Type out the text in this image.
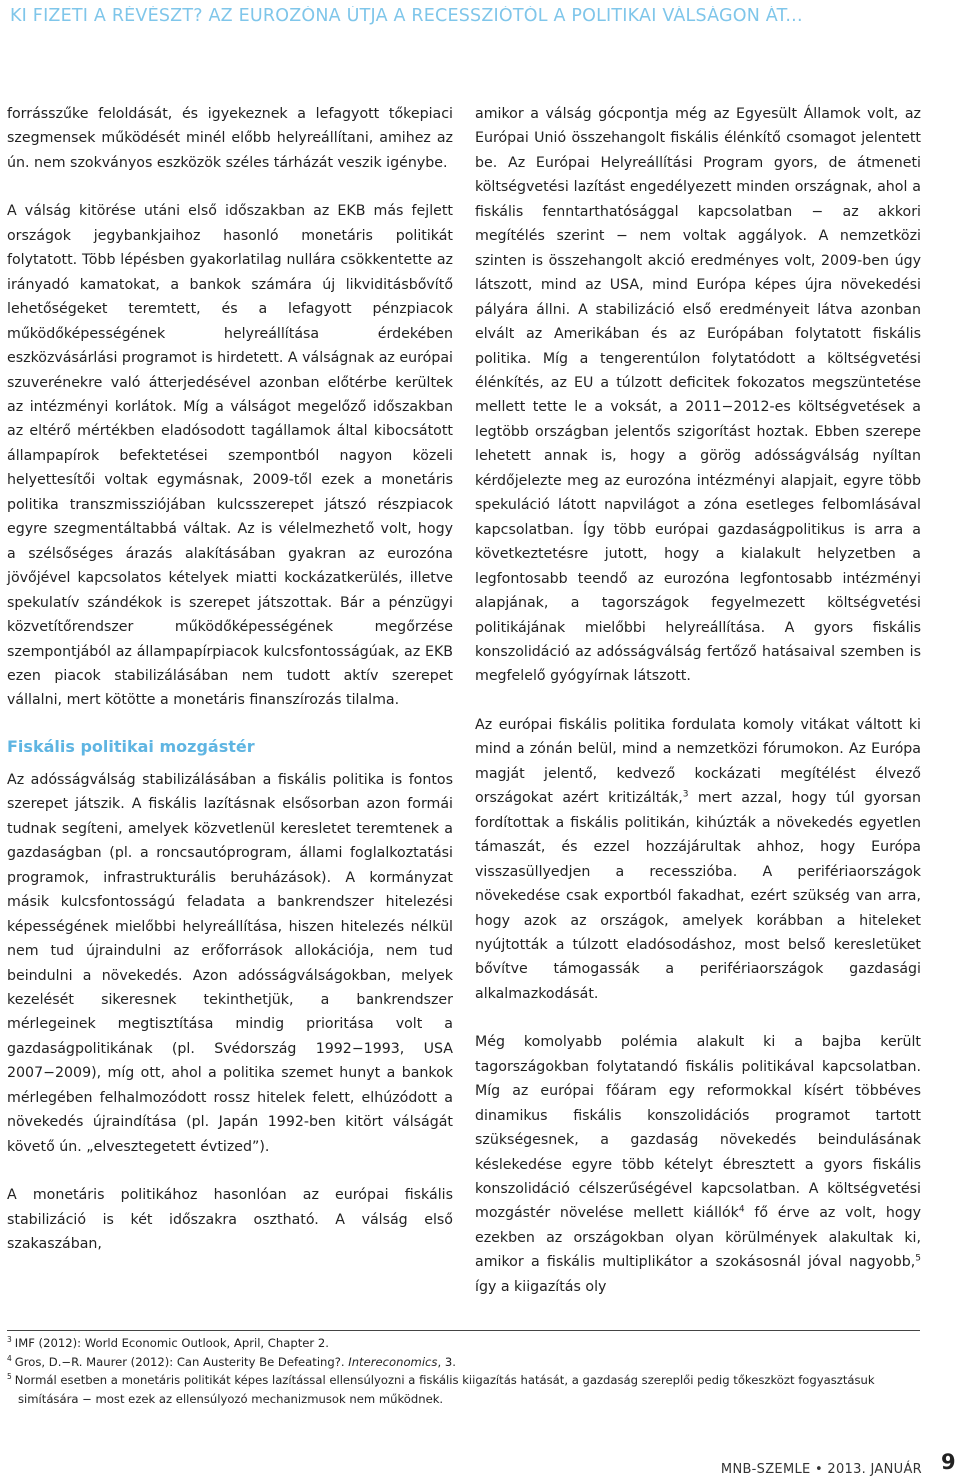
KI FIZETI A RÉVÉSZT? AZ EUROZÓNA ÚTJA A RECESSZIÓTÓL A POLITIKAI VÁLSÁGON ÁT...

forrásszűke feloldását, és igyekeznek a lefagyott tőkepiaci szegmensek működését minél előbb helyreállítani, amihez az ún. nem szokványos eszközök széles tárházát veszik igénybe.

A válság kitörése utáni első időszakban az EKB más fejlett országok jegybankjaihoz hasonló monetáris politikát folytatott. Több lépésben gyakorlatilag nullára csökkentette az irányadó kamatokat, a bankok számára új likviditásbővítő lehetőségeket teremtett, és a lefagyott pénzpiacok működőképességének helyreállítása érdekében eszközvásárlási programot is hirdetett. A válságnak az európai szuverénekre való átterjedésével azonban előtérbe kerültek az intézményi korlátok. Míg a válságot megelőző időszakban az eltérő mértékben eladósodott tagállamok által kibocsátott állampapírok befektetései szempontból nagyon közeli helyettesítői voltak egymásnak, 2009-től ezek a monetáris politika transzmissziójában kulcsszerepet játszó részpiacok egyre szegmentáltabbá váltak. Az is vélelmezhető volt, hogy a szélsőséges árazás alakításában gyakran az eurozóna jövőjével kapcsolatos kételyek miatti kockázatkerülés, illetve spekulatív szándékok is szerepet játszottak. Bár a pénzügyi közvetítőrendszer működőképességének megőrzése szempontjából az állampapírpiacok kulcsfontosságúak, az EKB ezen piacok stabilizálásában nem tudott aktív szerepet vállalni, mert kötötte a monetáris finanszírozás tilalma.

Fiskális politikai mozgástér

Az adósságválság stabilizálásában a fiskális politika is fontos szerepet játszik. A fiskális lazításnak elsősorban azon formái tudnak segíteni, amelyek közvetlenül keresletet teremtenek a gazdaságban (pl. a roncsautóprogram, állami foglalkoztatási programok, infrastrukturális beruházások). A kormányzat másik kulcsfontosságú feladata a bankrendszer hitelezési képességének mielőbbi helyreállítása, hiszen hitelezés nélkül nem tud újraindulni az erőforrások allokációja, nem tud beindulni a növekedés. Azon adósságválságokban, melyek kezelését sikeresnek tekinthetjük, a bankrendszer mérlegeinek megtisztítása mindig prioritása volt a gazdaságpolitikának (pl. Svédország 1992−1993, USA 2007−2009), míg ott, ahol a politika szemet hunyt a bankok mérlegében felhalmozódott rossz hitelek felett, elhúzódott a növekedés újraindítása (pl. Japán 1992-ben kitört válságát követő ún. „elvesztegetett évtized”).

A monetáris politikához hasonlóan az európai fiskális stabilizáció is két időszakra osztható. A válság első szakaszában,

amikor a válság gócpontja még az Egyesült Államok volt, az Európai Unió összehangolt fiskális élénkítő csomagot jelentett be. Az Európai Helyreállítási Program gyors, de átmeneti költségvetési lazítást engedélyezett minden országnak, ahol a fiskális fenntarthatósággal kapcsolatban − az akkori megítélés szerint − nem voltak aggályok. A nemzetközi szinten is összehangolt akció eredményes volt, 2009-ben úgy látszott, mind az USA, mind Európa képes újra növekedési pályára állni. A stabilizáció első eredményeit látva azonban elvált az Amerikában és az Európában folytatott fiskális politika. Míg a tengerentúlon folytatódott a költségvetési élénkítés, az EU a túlzott deficitek fokozatos megszüntetése mellett tette le a voksát, a 2011−2012-es költségvetések a legtöbb országban jelentős szigorítást hoztak. Ebben szerepe lehetett annak is, hogy a görög adósságválság nyíltan kérdőjelezte meg az eurozóna intézményi alapjait, egyre több spekuláció látott napvilágot a zóna esetleges felbomlásával kapcsolatban. Így több európai gazdaságpolitikus is arra a következtetésre jutott, hogy a kialakult helyzetben a legfontosabb teendő az eurozóna legfontosabb intézményi alapjának, a tagországok fegyelmezett költségvetési politikájának mielőbbi helyreállítása. A gyors fiskális konszolidáció az adósságválság fertőző hatásaival szemben is megfelelő gyógyírnak látszott.

Az európai fiskális politika fordulata komoly vitákat váltott ki mind a zónán belül, mind a nemzetközi fórumokon. Az Európa magját jelentő, kedvező kockázati megítélést élvező országokat azért kritizálták,$^3$ mert azzal, hogy túl gyorsan fordítottak a fiskális politikán, kihúzták a növekedés egyetlen támaszát, és ezzel hozzájárultak ahhoz, hogy Európa visszasüllyedjen a recesszióba. A perifériaországok növekedése csak exportból fakadhat, ezért szükség van arra, hogy azok az országok, amelyek korábban a hiteleket nyújtották a túlzott eladósodáshoz, most belső keresletüket bővítve támogassák a perifériaországok gazdasági alkalmazkodását.

Még komolyabb polémia alakult ki a bajba került tagországokban folytatandó fiskális politikával kapcsolatban. Míg az európai főáram egy reformokkal kísért többéves dinamikus fiskális konszolidációs programot tartott szükségesnek, a gazdaság növekedés beindulásának késlekedése egyre több kételyt ébresztett a gyors fiskális konszolidáció célszerűségével kapcsolatban. A költségvetési mozgástér növelése mellett kiállók$^4$ fő érve az volt, hogy ezekben az országokban olyan körülmények alakultak ki, amikor a fiskális multiplikátor a szokásosnál jóval nagyobb,$^5$ így a kiigazítás oly

$^3$ IMF (2012): World Economic Outlook, April, Chapter 2.

$^4$ Gros, D.−R. Maurer (2012): Can Austerity Be Defeating?. Intereconomics, 3.

$^5$ Normál esetben a monetáris politikát képes lazítással ellensúlyozni a fiskális kiigazítás hatását, a gazdaság szereplői pedig tőkeszközt fogyasztásuk
simítására − most ezek az ellensúlyozó mechanizmusok nem működnek.

MNB-SZEMLE • 2013. JANUÁR 9
